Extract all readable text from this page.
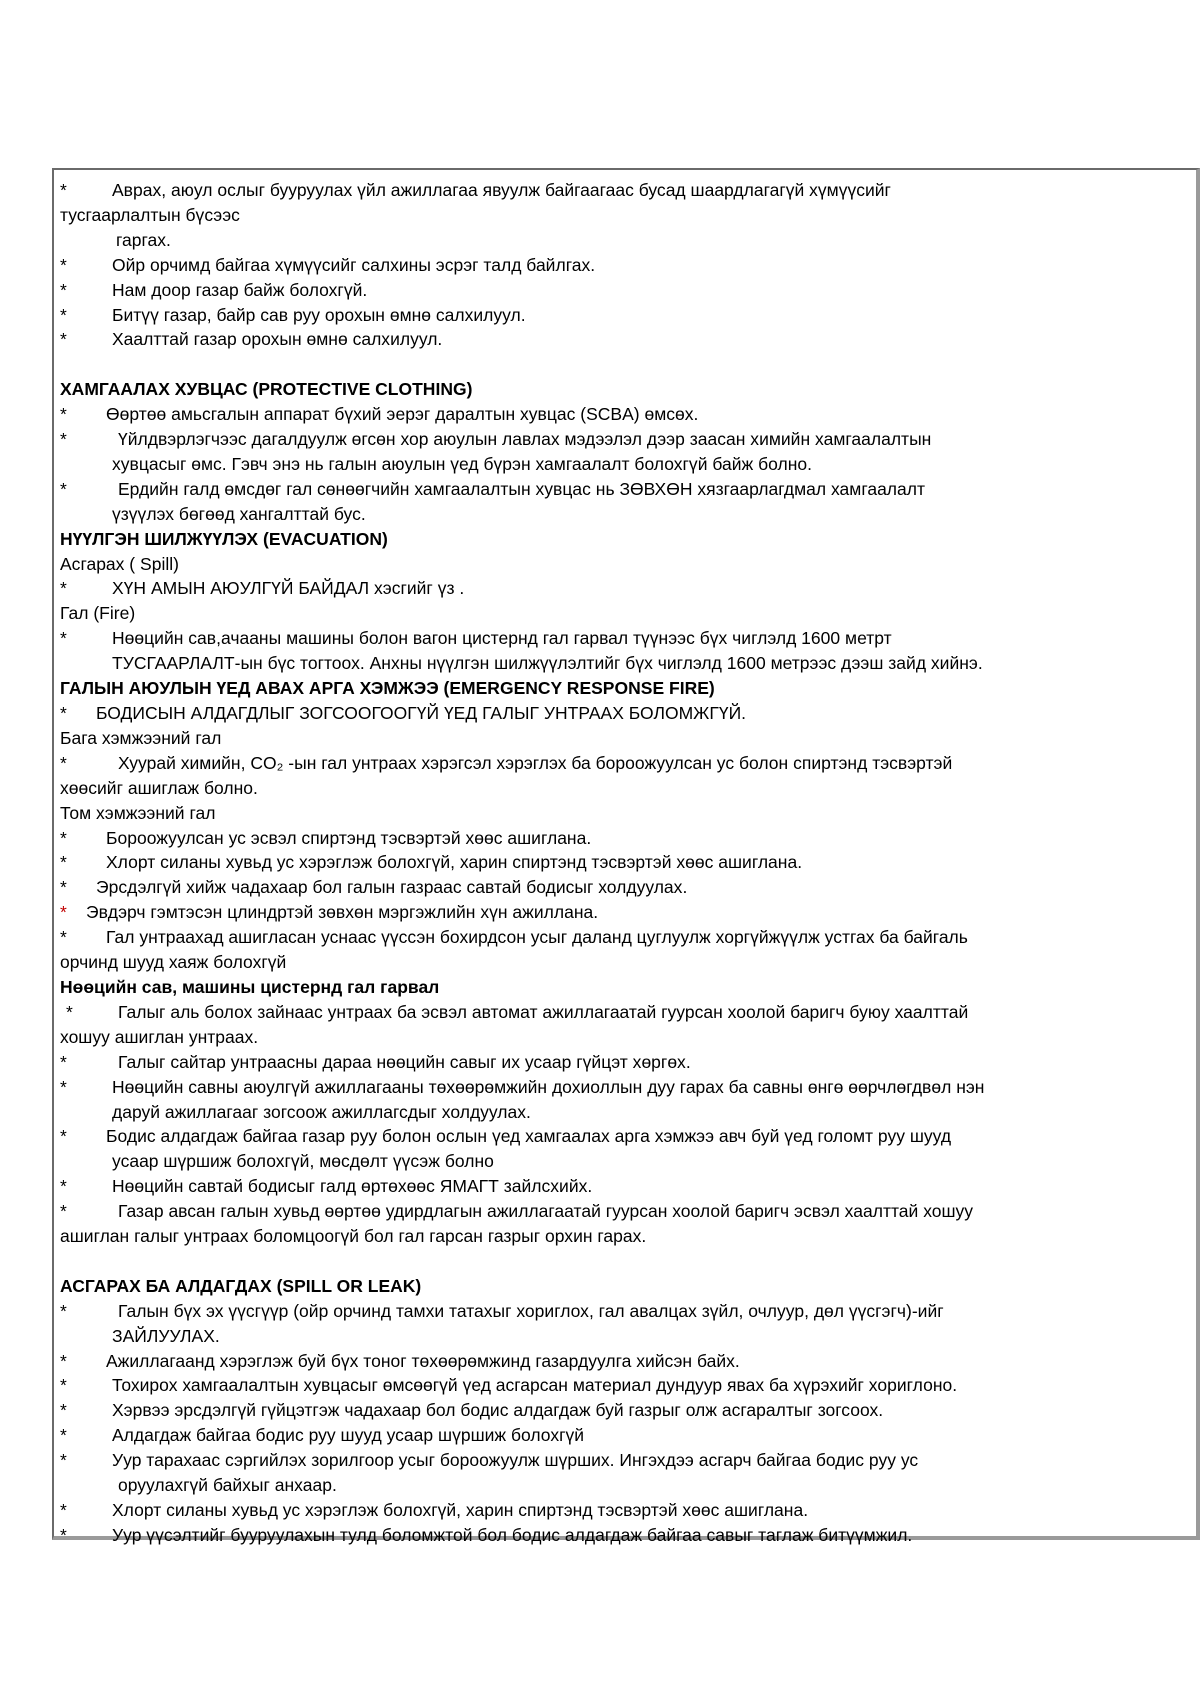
*	Аврах, аюул ослыг бууруулах үйл ажиллагаа явуулж байгаагаас бусад шаардлагагүй хүмүүсийг
тусгаарлалтын бүсээс
гаргах.
*	Ойр орчимд байгаа хүмүүсийг салхины эсрэг талд байлгах.
*	Нам доор газар байж болохгүй.
*	Битүү газар, байр сав руу орохын өмнө салхилуул.
*	Хаалттай газар орохын өмнө салхилуул.
ХАМГААЛАХ ХУВЦАС (PROTECTIVE CLOTHING)
* Өөртөө амьсгалын аппарат бүхий эерэг даралтын хувцас (SCBA) өмсөх.
*	Үйлдвэрлэгчээс дагалдуулж өгсөн хор аюулын лавлах мэдээлэл дээр заасан химийн хамгаалалтын
хувцасыг өмс. Гэвч энэ нь галын аюулын үед бүрэн хамгаалалт болохгүй байж болно.
*	Ердийн галд өмсдөг гал сөнөөгчийн хамгаалалтын хувцас нь ЗӨВХӨН хязгаарлагдмал хамгаалалт
үзүүлэх бөгөөд хангалттай бус.
НҮҮЛГЭН ШИЛЖҮҮЛЭХ (EVACUATION)
Асгарах ( Spill)
*	ХҮН АМЫН АЮУЛГҮЙ БАЙДАЛ хэсгийг үз .
Гал (Fire)
*	Нөөцийн сав,ачааны машины болон вагон цистернд гал гарвал түүнээс бүх чиглэлд 1600 метрт
ТУСГААРЛАЛТ-ын бүс тогтоох. Анхны нүүлгэн шилжүүлэлтийг бүх чиглэлд 1600 метрээс дээш зайд хийнэ.
ГАЛЫН АЮУЛЫН ҮЕД АВАХ АРГА ХЭМЖЭЭ (EMERGENCY RESPONSE FIRE)
* БОДИСЫН АЛДАГДЛЫГ ЗОГСООГООГҮЙ ҮЕД ГАЛЫГ УНТРААХ БОЛОМЖГҮЙ.
Бага хэмжээний гал
*	Хуурай химийн, CO₂ -ын гал унтраах хэрэгсэл хэрэглэх ба бороожуулсан ус болон спиртэнд тэсвэртэй
хөөсийг ашиглаж болно.
Том хэмжээний гал
* Бороожуулсан ус эсвэл спиртэнд тэсвэртэй хөөс ашиглана.
* Хлорт силаны хувьд ус хэрэглэж болохгүй, харин спиртэнд тэсвэртэй хөөс ашиглана.
* Эрсдэлгүй хийж чадахаар бол галын газраас савтай бодисыг холдуулах.
* Эвдэрч гэмтэсэн цлиндртэй зөвхөн мэргэжлийн хүн ажиллана.
* Гал унтраахад ашигласан уснаас үүссэн бохирдсон усыг даланд цуглуулж хоргүйжүүлж устгах ба байгаль
орчинд шууд хаяж болохгүй
Нөөцийн сав, машины цистернд гал гарвал
*	Галыг аль болох зайнаас унтраах ба эсвэл автомат ажиллагаатай гуурсан хоолой баригч буюу хаалттай
хошуу ашиглан унтраах.
*	Галыг сайтар унтраасны дараа нөөцийн савыг их усаар гүйцэт хөргөх.
*	Нөөцийн савны аюулгүй ажиллагааны төхөөрөмжийн дохиоллын дуу гарах ба савны өнгө өөрчлөгдвөл нэн
даруй ажиллагааг зогсоож ажиллагсдыг холдуулах.
* Бодис алдагдаж байгаа газар руу болон ослын үед хамгаалах арга хэмжээ авч буй үед голомт руу шууд
усаар шүршиж болохгүй, мөсдөлт үүсэж болно
*	Нөөцийн савтай бодисыг галд өртөхөөс ЯМАГТ зайлсхийх.
*	Газар авсан галын хувьд өөртөө удирдлагын ажиллагаатай гуурсан хоолой баригч эсвэл хаалттай хошуу
ашиглан галыг унтраах боломцоогүй бол гал гарсан газрыг орхин гарах.
АСГАРАХ БА АЛДАГДАХ (SPILL OR LEAK)
*	Галын бүх эх үүсгүүр (ойр орчинд тамхи татахыг хориглох, гал авалцах зүйл, очлуур, дөл үүсгэгч)-ийг
ЗАЙЛУУЛАХ.
* Ажиллагаанд хэрэглэж буй бүх тоног төхөөрөмжинд газардуулга хийсэн байх.
*	Тохирох хамгаалалтын хувцасыг өмсөөгүй үед асгарсан материал дундуур явах ба хүрэхийг хориглоно.
*	Хэрвээ эрсдэлгүй гүйцэтгэж чадахаар бол бодис алдагдаж буй газрыг олж асгаралтыг зогсоох.
*	Алдагдаж байгаа бодис руу шууд усаар шүршиж болохгүй
*	Уур тарахаас сэргийлэх зорилгоор усыг бороожуулж шүрших. Ингэхдээ асгарч байгаа бодис руу ус
оруулахгүй байхыг анхаар.
*	Хлорт силаны хувьд ус хэрэглэж болохгүй, харин спиртэнд тэсвэртэй хөөс ашиглана.
*	Уур үүсэлтийг бууруулахын тулд боломжтой бол бодис алдагдаж байгаа савыг таглаж битүүмжил.
